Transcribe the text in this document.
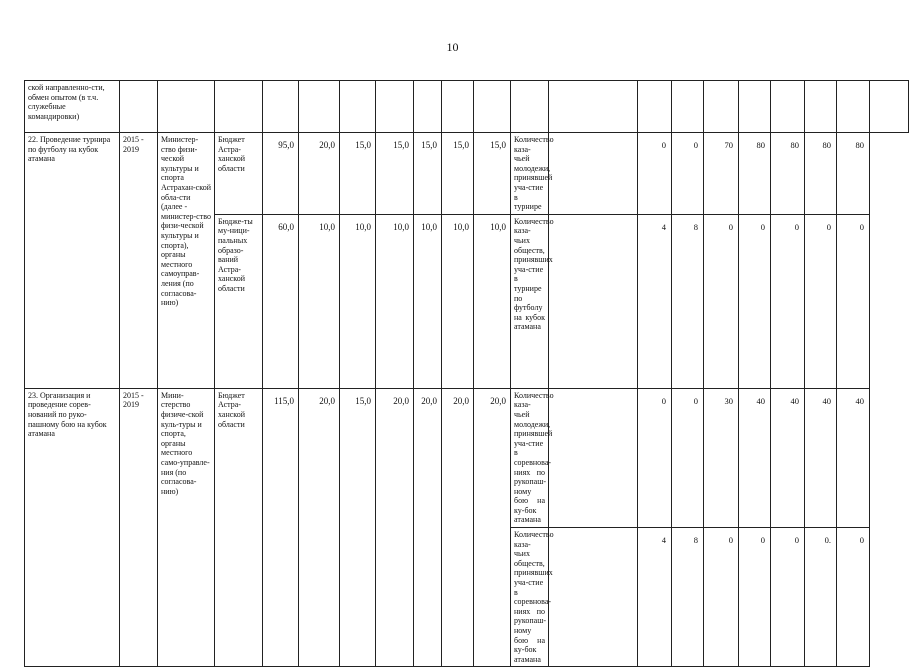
10
ской направленно-сти, обмен опытом (в т.ч. служебные командировки)																				
22. Проведение турнира по футболу на кубок атамана	2015 - 2019	Министер-ство физи-ческой культуры и спорта Астрахан-ской обла-сти (далее - министер-ство физи-ческой культуры и спорта), органы местного самоуправ-ления (по согласова-нию)	Бюджет Астра-ханской области	95,0	20,0	15,0	15,0	15,0	15,0	15,0	Количество каза-чьей молодежи, принявшей уча-стие в турнире		0	0	70	80	80	80	80	
			Бюдже-ты му-ници-пальных образо-ваний Астра-ханской области	60,0	10,0	10,0	10,0	10,0	10,0	10,0	Количество каза-чьих обществ, принявших уча-стие в турнире по футболу на кубок атамана		4	8	0	0	0	0	0	
23. Организация и проведение сорев-нований по руко-пашному бою на кубок атамана	2015 - 2019	Мини-стерство физиче-ской куль-туры и спорта, органы местного само-управле-ния (по согласова-нию)	Бюджет Астра-ханской области	115,0	20,0	15,0	20,0	20,0	20,0	20,0	Количество каза-чьей молодежи, принявшей уча-стие в соревнова-ниях по рукопаш-ному бою на ку-бок атамана		0	0	30	40	40	40	40	
											Количество каза-чьих обществ, принявших уча-стие в соревнова-ниях по рукопаш-ному бою на ку-бок атамана		4	8	0	0	0	0.	0	
